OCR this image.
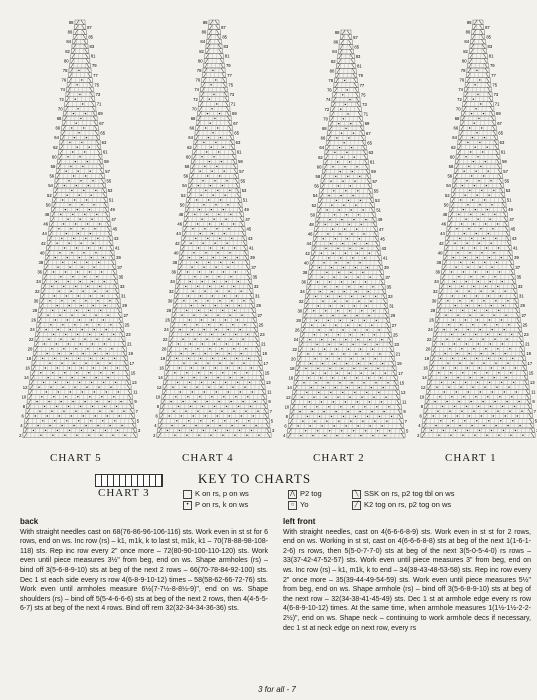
88
87
86
85
84
83
82
81
80
79
78
77
76
75
74
73
72
71
70
69
68
67
66
65
64
63
62
61
60
59
58
57
56
55
54
53
52
51
50
49
48
47
46
45
44
43
42
41
40
39
38
37
36
35
34
33
32
31
30
29
28
27
26
25
24
23
22
21
20
19
18
17
16
15
14
13
12
11
10
9
8
7
6
5
4
3
2
88
87
86
85
84
83
82
81
80
79
78
77
76
75
74
73
72
71
70
69
68
67
66
65
64
63
62
61
60
59
58
57
56
55
54
53
52
51
50
49
48
47
46
45
44
43
42
41
40
39
38
37
36
35
34
33
32
31
30
29
28
27
26
25
24
23
22
21
20
19
18
17
16
15
14
13
12
11
10
9
8
7
6
5
4
3
2
88
87
86
85
84
83
82
81
80
79
78
77
76
75
74
73
72
71
70
69
68
67
66
65
64
63
62
61
60
59
58
57
56
55
54
53
52
51
50
49
48
47
46
45
44
43
42
41
40
39
38
37
36
35
34
33
32
31
30
29
28
27
26
25
24
23
22
21
20
19
18
17
16
15
14
13
12
11
10
9
8
7
6
5
4
88
87
86
85
84
83
82
81
80
79
78
77
76
75
74
73
72
71
70
69
68
67
66
65
64
63
62
61
60
59
58
57
56
55
54
53
52
51
50
49
48
47
46
45
44
43
42
41
40
39
38
37
36
35
34
33
32
31
30
29
28
27
26
25
24
23
22
21
20
19
18
17
16
15
14
13
12
11
10
9
8
7
6
5
4
2
CHART 5	CHART 4	CHART 2	CHART 1
CHART 3
KEY TO CHARTS
K on rs, p on ws
• P on rs, k on ws
⋀ P2 tog
○ Yo
╲ SSK on rs, p2 tog tbl on ws
╱ K2 tog on rs, p2 tog on ws
back

With straight needles cast on 68(76-86-96-106-116) sts. Work even in st st for 6 rows, end on ws. Inc row (rs) – k1, m1k, k to last st, m1k, k1 – 70(78-88-98-108-118) sts. Rep inc row every 2" once more – 72(80-90-100-110-120) sts. Work even until piece measures 3½" from beg, end on ws. Shape armholes (rs) – bind off 3(5-6-8-9-10) sts at beg of the next 2 rows – 66(70-78-84-92-100) sts. Dec 1 st each side every rs row 4(6-8-9-10-12) times – 58(58-62-66-72-76) sts. Work even until armholes measure 6½(7-7½-8-8½-9)", end on ws. Shape shoulders (rs) – bind off 5(5-4-6-6-6) sts at beg of the next 2 rows, then 4(4-5-5-6-7) sts at beg of the next 4 rows. Bind off rem 32(32-34-34-36-36) sts.

left front

With straight needles, cast on 4(6-6-6-8-9) sts. Work even in st st for 2 rows, end on ws. Working in st st, cast on 4(6-6-6-8-8) sts at beg of the next 1(1-6-1-2-6) rs rows, then 5(5-0-7-7-0) sts at beg of the next 3(5-0-5-4-0) rs rows – 33(37-42-47-52-57) sts. Work even until piece measures 3" from beg, end on ws. Inc row (rs) – k1, m1k, k to end – 34(38-43-48-53-58) sts. Rep inc row every 2" once more – 35(39-44-49-54-59) sts. Work even until piece measures 5½" from beg, end on ws. Shape armhole (rs) – bind off 3(5-6-8-9-10) sts at beg of the next row – 32(34-38-41-45-49) sts. Dec 1 st at armhole edge every rs row 4(6-8-9-10-12) times. At the same time, when armhole measures 1(1½-1½-2-2-2½)", end on ws. Shape neck – continuing to work armhole decs if necessary, dec 1 st at neck edge on next row, every rs

3 for all - 7
